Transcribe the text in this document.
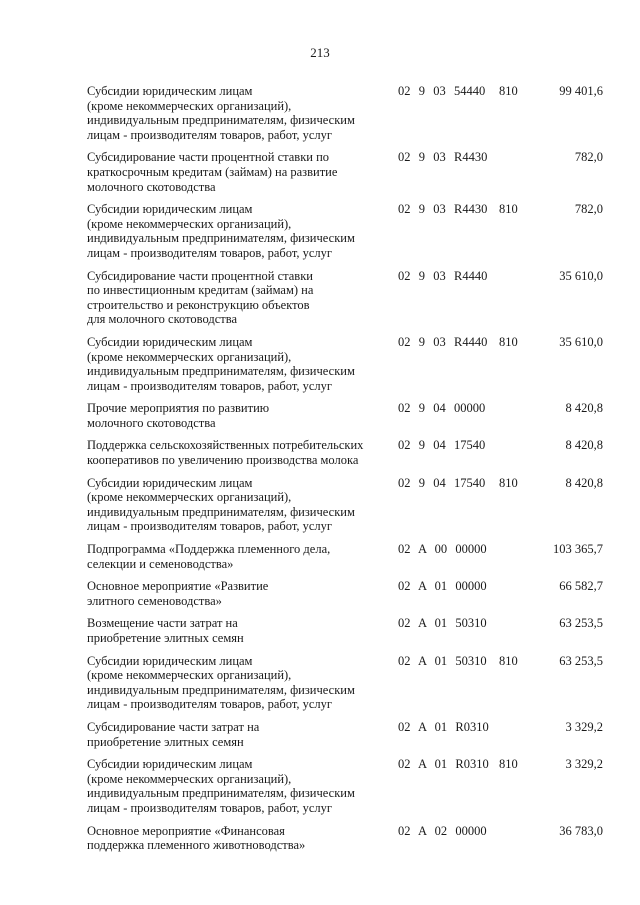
213
Субсидии юридическим лицам
(кроме некоммерческих организаций),
индивидуальным предпринимателям, физическим
лицам - производителям товаров, работ, услуг
02  9  03  54440	810	99 401,6
Субсидирование части процентной ставки по
краткосрочным кредитам (займам) на развитие
молочного скотоводства
02  9  03  R4430	782,0
Субсидии юридическим лицам
(кроме некоммерческих организаций),
индивидуальным предпринимателям, физическим
лицам - производителям товаров, работ, услуг
02  9  03  R4430 810	782,0
Субсидирование части процентной ставки
по инвестиционным кредитам (займам) на
строительство и реконструкцию объектов
для молочного скотоводства
02  9  03  R4440	35 610,0
Субсидии юридическим лицам
(кроме некоммерческих организаций),
индивидуальным предпринимателям, физическим
лицам - производителям товаров, работ, услуг
02  9  03  R4440 810	35 610,0
Прочие мероприятия по развитию
молочного скотоводства
02  9  04  00000	8 420,8
Поддержка сельскохозяйственных потребительских
кооперативов по увеличению производства молока
02  9  04  17540	8 420,8
Субсидии юридическим лицам
(кроме некоммерческих организаций),
индивидуальным предпринимателям, физическим
лицам - производителям товаров, работ, услуг
02  9  04  17540	810	8 420,8
Подпрограмма «Поддержка племенного дела,
селекции и семеноводства»
02  A  00  00000	103 365,7
Основное мероприятие «Развитие
элитного семеноводства»
02  A  01  00000	66 582,7
Возмещение части затрат на
приобретение элитных семян
02  A  01  50310	63 253,5
Субсидии юридическим лицам
(кроме некоммерческих организаций),
индивидуальным предпринимателям, физическим
лицам - производителям товаров, работ, услуг
02  A  01  50310 810	63 253,5
Субсидирование части затрат на
приобретение элитных семян
02  A  01  R0310	3 329,2
Субсидии юридическим лицам
(кроме некоммерческих организаций),
индивидуальным предпринимателям, физическим
лицам - производителям товаров, работ, услуг
02  A  01  R0310 810	3 329,2
Основное мероприятие «Финансовая
поддержка племенного животноводства»
02  A  02  00000	36 783,0
